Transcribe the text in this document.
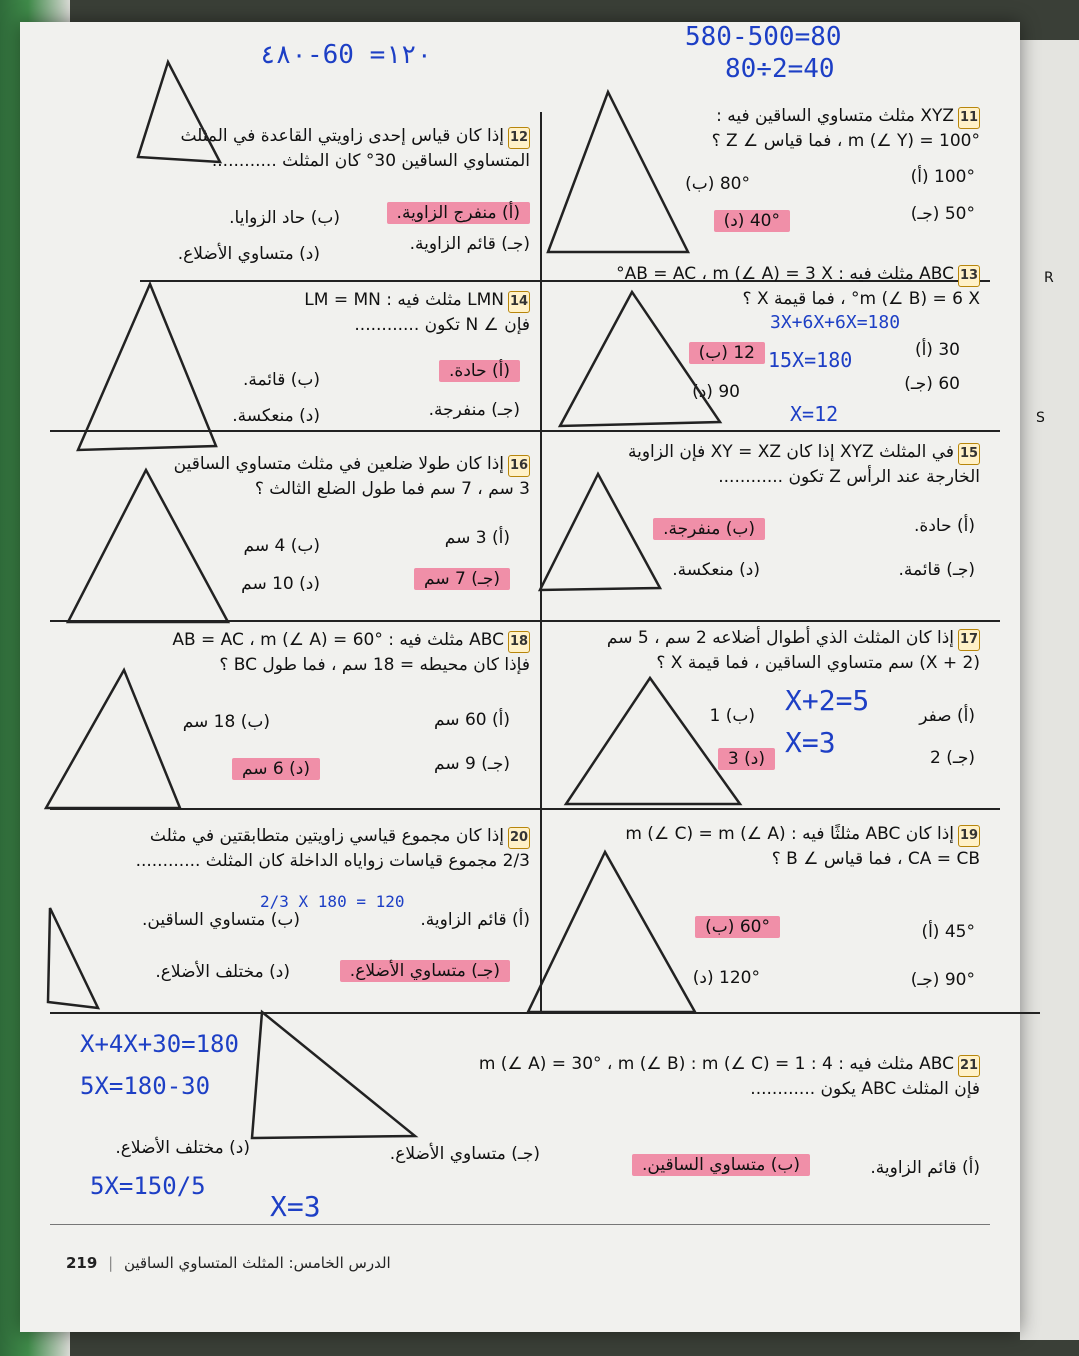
R
S
11XYZ مثلث متساوي الساقين فيه :
m (∠ Y) = 100° ، فما قياس ∠ Z ؟
100° (أ)
80° (ب)
50° (جـ)
40° (د)
12إذا كان قياس إحدى زاويتي القاعدة في المثلث
المتساوي الساقين 30° كان المثلث ............
(أ) منفرج الزاوية.
(ب) حاد الزوايا.
(جـ) قائم الزاوية.
(د) متساوي الأضلاع.
13ABC مثلث فيه : AB = AC ، m (∠ A) = 3 X°
m (∠ B) = 6 X° ، فما قيمة X ؟
30 (أ)
12 (ب)
60 (جـ)
90 (د)
14LMN مثلث فيه : LM = MN
فإن ∠ N تكون ............
(أ) حادة.
(ب) قائمة.
(جـ) منفرجة.
(د) منعكسة.
15في المثلث XYZ إذا كان XY = XZ فإن الزاوية
الخارجة عند الرأس Z تكون ............
(أ) حادة.
(ب) منفرجة.
(جـ) قائمة.
(د) منعكسة.
16إذا كان طولا ضلعين في مثلث متساوي الساقين
3 سم ، 7 سم فما طول الضلع الثالث ؟
(أ) 3 سم
(ب) 4 سم
(جـ) 7 سم
(د) 10 سم
17إذا كان المثلث الذي أطوال أضلاعه 2 سم ، 5 سم
(X + 2) سم متساوي الساقين ، فما قيمة X ؟
(أ) صفر
(ب) 1
(جـ) 2
(د) 3
18ABC مثلث فيه : AB = AC ، m (∠ A) = 60°
فإذا كان محيطه = 18 سم ، فما طول BC ؟
(أ) 60 سم
(ب) 18 سم
(جـ) 9 سم
(د) 6 سم
19إذا كان ABC مثلثًا فيه : m (∠ C) = m (∠ A)
CA = CB ، فما قياس ∠ B ؟
45° (أ)
60° (ب)
90° (جـ)
120° (د)
20إذا كان مجموع قياسي زاويتين متطابقتين في مثلث
2/3 مجموع قياسات زواياه الداخلة كان المثلث ............
(أ) قائم الزاوية.
(ب) متساوي الساقين.
(جـ) متساوي الأضلاع.
(د) مختلف الأضلاع.
21ABC مثلث فيه : m (∠ A) = 30° ، m (∠ B) : m (∠ C) = 1 : 4
فإن المثلث ABC يكون ............
(أ) قائم الزاوية.
(ب) متساوي الساقين.
(جـ) متساوي الأضلاع.
(د) مختلف الأضلاع.
٤٨٠-60 =١٢٠
580-500=80
80÷2=40
3X+6X+6X=180
15X=180
X=12
X+2=5
X=3
2/3 X 180 = 120
X+4X+30=180
5X=180-30
5X=150/5
X=3
219 | الدرس الخامس: المثلث المتساوي الساقين
